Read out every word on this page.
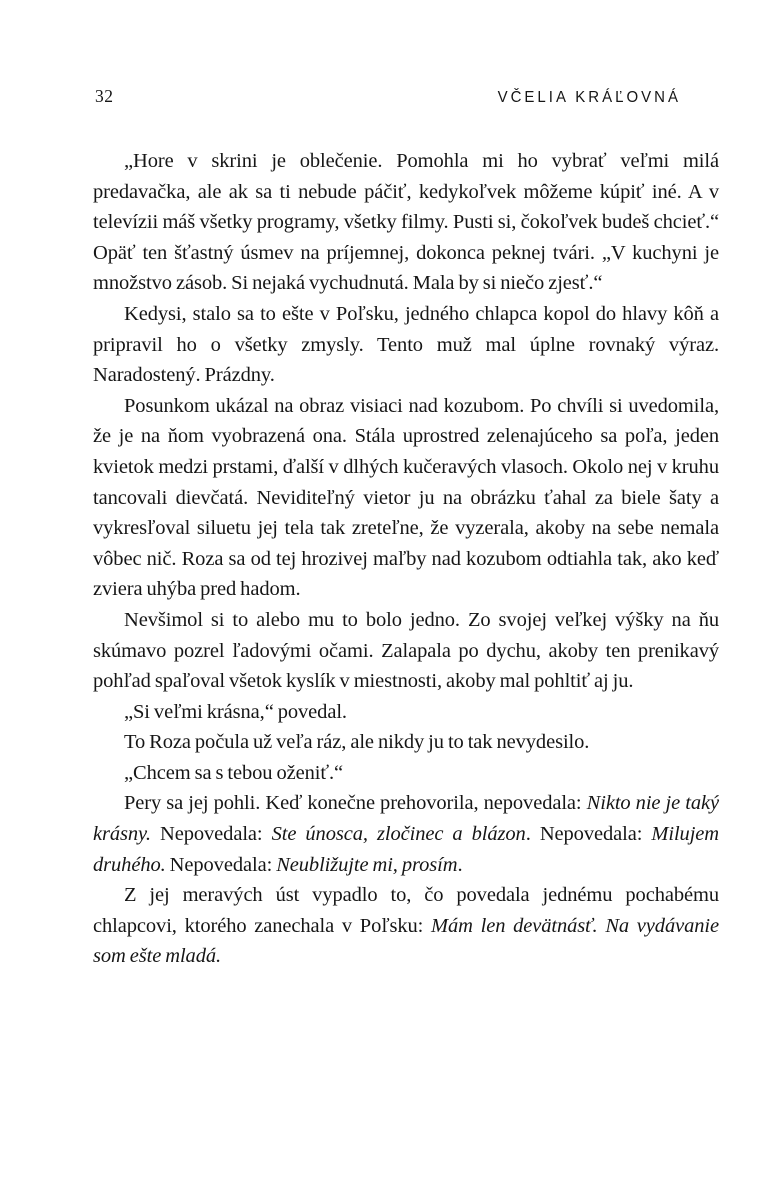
32	VČELIA KRÁĽOVNÁ

„Hore v skrini je oblečenie. Pomohla mi ho vybrať veľmi milá predavačka, ale ak sa ti nebude páčiť, kedykoľvek môžeme kúpiť iné. A v televízii máš všetky programy, všetky filmy. Pusti si, čokoľvek budeš chcieť.“ Opäť ten šťastný úsmev na príjemnej, dokonca peknej tvári. „V kuchyni je množstvo zásob. Si nejaká vychudnutá. Mala by si niečo zjesť.“

Kedysi, stalo sa to ešte v Poľsku, jedného chlapca kopol do hlavy kôň a pripravil ho o všetky zmysly. Tento muž mal úplne rovnaký výraz. Naradostený. Prázdny.

Posunkom ukázal na obraz visiaci nad kozubom. Po chvíli si uvedomila, že je na ňom vyobrazená ona. Stála uprostred zelenajúceho sa poľa, jeden kvietok medzi prstami, ďalší v dlhých kučeravých vlasoch. Okolo nej v kruhu tancovali dievčatá. Neviditeľný vietor ju na obrázku ťahal za biele šaty a vykresľoval siluetu jej tela tak zreteľne, že vyzerala, akoby na sebe nemala vôbec nič. Roza sa od tej hrozivej maľby nad kozubom odtiahla tak, ako keď zviera uhýba pred hadom.

Nevšimol si to alebo mu to bolo jedno. Zo svojej veľkej výšky na ňu skúmavo pozrel ľadovými očami. Zalapala po dychu, akoby ten prenikavý pohľad spaľoval všetok kyslík v miestnosti, akoby mal pohltiť aj ju.

„Si veľmi krásna,“ povedal.

To Roza počula už veľa ráz, ale nikdy ju to tak nevydesilo.

„Chcem sa s tebou oženiť.“

Pery sa jej pohli. Keď konečne prehovorila, nepovedala: Nikto nie je taký krásny. Nepovedala: Ste únosca, zločinec a blázon. Nepovedala: Milujem druhého. Nepovedala: Neubližujte mi, prosím.

Z jej meravých úst vypadlo to, čo povedala jednému pochabému chlapcovi, ktorého zanechala v Poľsku: Mám len devätnásť. Na vydávanie som ešte mladá.
